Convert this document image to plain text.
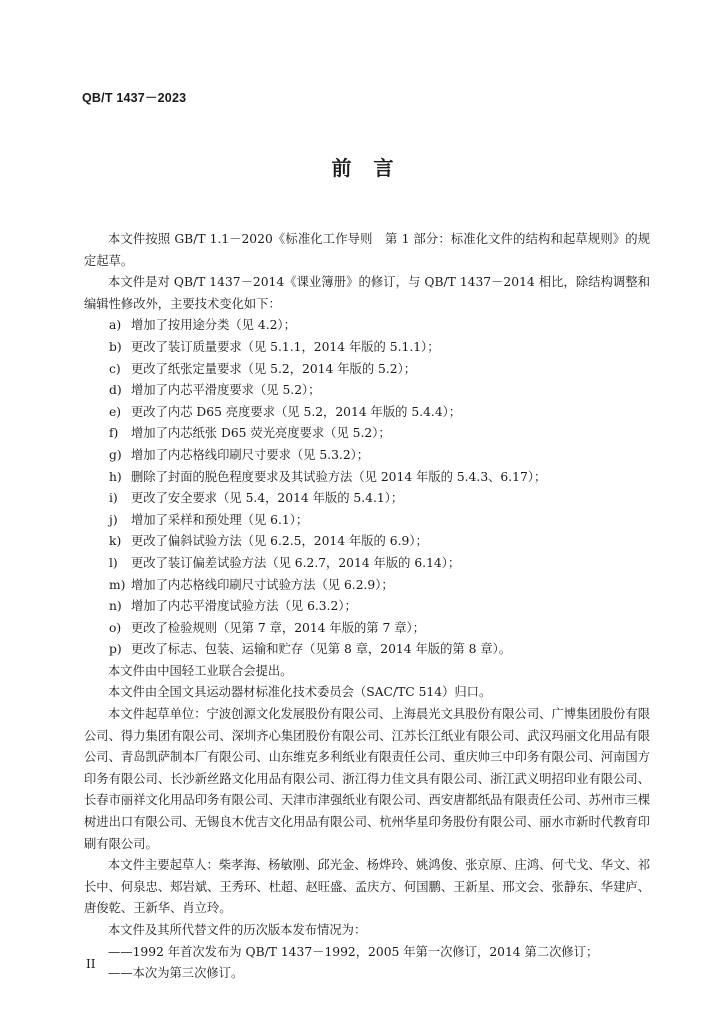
QB/T 1437－2023
前言

本文件按照 GB/T 1.1－2020《标准化工作导则　第 1 部分：标准化文件的结构和起草规则》的规定起草。

本文件是对 QB/T 1437－2014《课业簿册》的修订，与 QB/T 1437－2014 相比，除结构调整和编辑性修改外，主要技术变化如下：

a) 增加了按用途分类（见 4.2）；
b) 更改了装订质量要求（见 5.1.1，2014 年版的 5.1.1）；
c) 更改了纸张定量要求（见 5.2，2014 年版的 5.2）；
d) 增加了内芯平滑度要求（见 5.2）；
e) 更改了内芯 D65 亮度要求（见 5.2，2014 年版的 5.4.4）；
f)	增加了内芯纸张 D65 荧光亮度要求（见 5.2）；
g) 增加了内芯格线印刷尺寸要求（见 5.3.2）；
h) 删除了封面的脱色程度要求及其试验方法（见 2014 年版的 5.4.3、6.17）；
i)	更改了安全要求（见 5.4，2014 年版的 5.4.1）；
j)	增加了采样和预处理（见 6.1）；
k) 更改了偏斜试验方法（见 6.2.5，2014 年版的 6.9）；
l)	更改了装订偏差试验方法（见 6.2.7，2014 年版的 6.14）；
m) 增加了内芯格线印刷尺寸试验方法（见 6.2.9）；
n) 增加了内芯平滑度试验方法（见 6.3.2）；
o) 更改了检验规则（见第 7 章，2014 年版的第 7 章）；
p) 更改了标志、包装、运输和贮存（见第 8 章，2014 年版的第 8 章）。

本文件由中国轻工业联合会提出。

本文件由全国文具运动器材标准化技术委员会（SAC/TC 514）归口。

本文件起草单位：宁波创源文化发展股份有限公司、上海晨光文具股份有限公司、广博集团股份有限公司、得力集团有限公司、深圳齐心集团股份有限公司、江苏长江纸业有限公司、武汉玛丽文化用品有限公司、青岛凯萨制本厂有限公司、山东维克多利纸业有限责任公司、重庆帅三中印务有限公司、河南国方印务有限公司、长沙新丝路文化用品有限公司、浙江得力佳文具有限公司、浙江武义明招印业有限公司、长春市丽祥文化用品印务有限公司、天津市津强纸业有限公司、西安唐都纸品有限责任公司、苏州市三棵树进出口有限公司、无锡良木优吉文化用品有限公司、杭州华星印务股份有限公司、丽水市新时代教育印刷有限公司。

本文件主要起草人：柴孝海、杨敏刚、邱光金、杨烨玲、姚鸿俊、张京原、庄鸿、何弋戈、华文、祁长中、何泉忠、郏岩斌、王秀环、杜超、赵旺盛、孟庆方、何国鹏、王新星、邢文会、张静东、华建庐、唐俊乾、王新华、肖立玲。

本文件及其所代替文件的历次版本发布情况为：

——1992 年首次发布为 QB/T 1437－1992，2005 年第一次修订，2014 第二次修订；

——本次为第三次修订。

II
